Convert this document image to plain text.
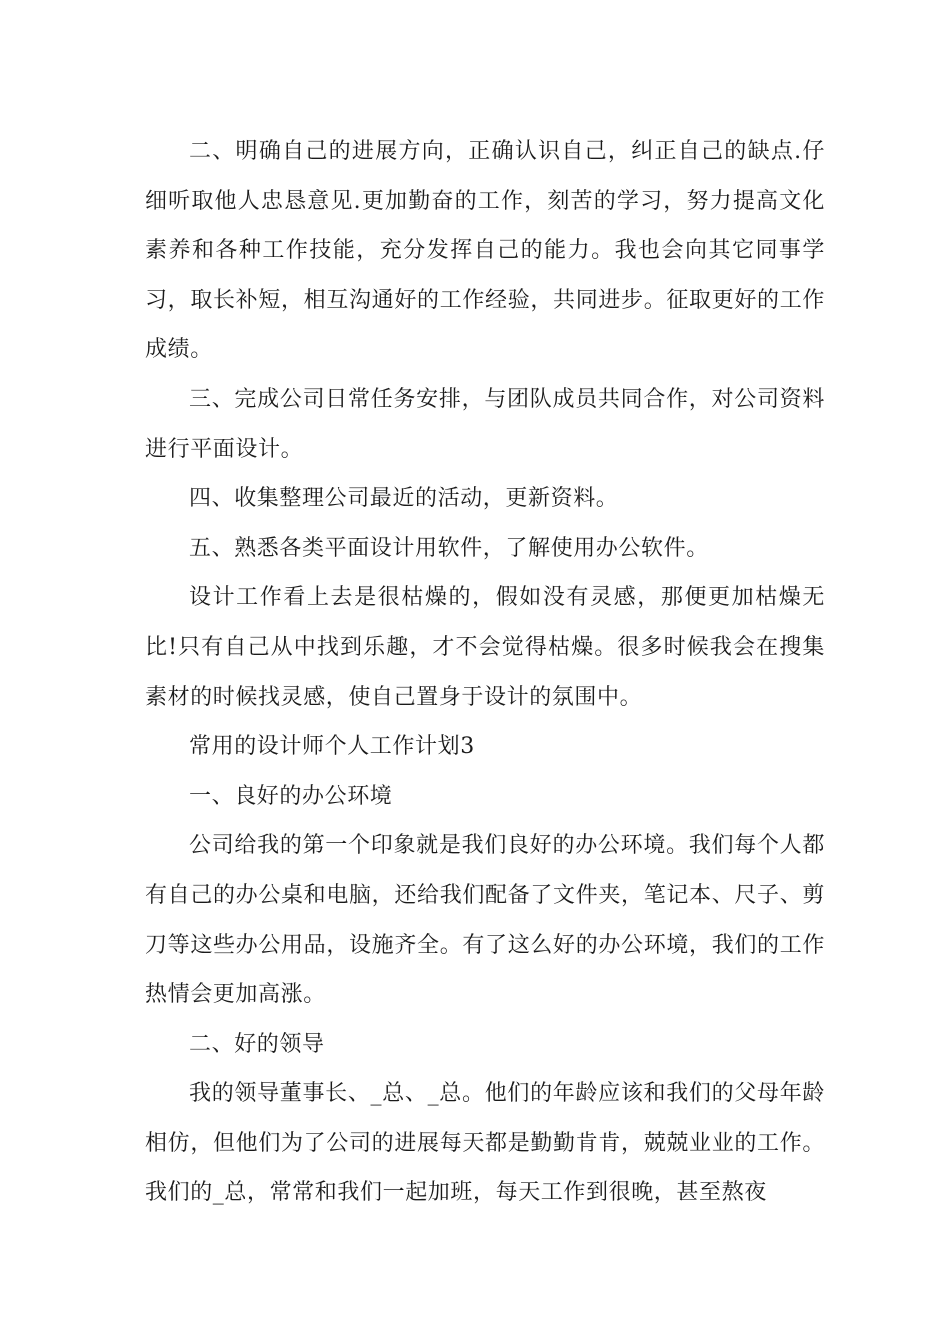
二、明确自己的进展方向，正确认识自己，纠正自己的缺点.仔细听取他人忠恳意见.更加勤奋的工作，刻苦的学习，努力提高文化素养和各种工作技能，充分发挥自己的能力。我也会向其它同事学习，取长补短，相互沟通好的工作经验，共同进步。征取更好的工作成绩。

三、完成公司日常任务安排，与团队成员共同合作，对公司资料进行平面设计。

四、收集整理公司最近的活动，更新资料。

五、熟悉各类平面设计用软件，了解使用办公软件。

设计工作看上去是很枯燥的，假如没有灵感，那便更加枯燥无比!只有自己从中找到乐趣，才不会觉得枯燥。很多时候我会在搜集素材的时候找灵感，使自己置身于设计的氛围中。

常用的设计师个人工作计划3

一、良好的办公环境

公司给我的第一个印象就是我们良好的办公环境。我们每个人都有自己的办公桌和电脑，还给我们配备了文件夹，笔记本、尺子、剪刀等这些办公用品，设施齐全。有了这么好的办公环境，我们的工作热情会更加高涨。

二、好的领导

我的领导董事长、_总、_总。他们的年龄应该和我们的父母年龄相仿，但他们为了公司的进展每天都是勤勤肯肯，兢兢业业的工作。我们的_总，常常和我们一起加班，每天工作到很晚，甚至熬夜
